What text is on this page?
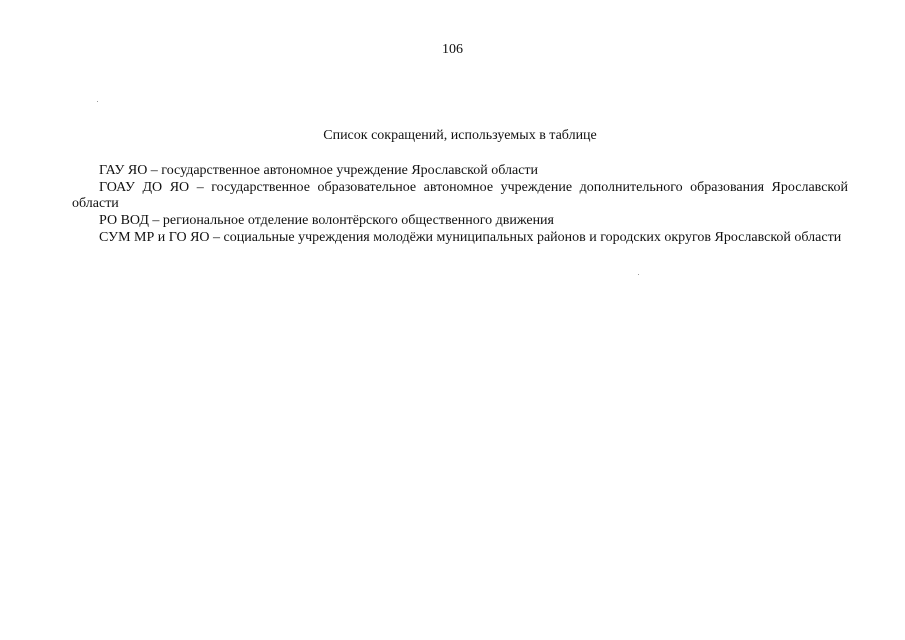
106
Список сокращений, используемых в таблице
ГАУ ЯО – государственное автономное учреждение Ярославской области
ГОАУ ДО ЯО – государственное образовательное автономное учреждение дополнительного образования Ярославской области
РО ВОД – региональное отделение волонтёрского общественного движения
СУМ МР и ГО ЯО – социальные учреждения молодёжи муниципальных районов и городских округов Ярославской области
